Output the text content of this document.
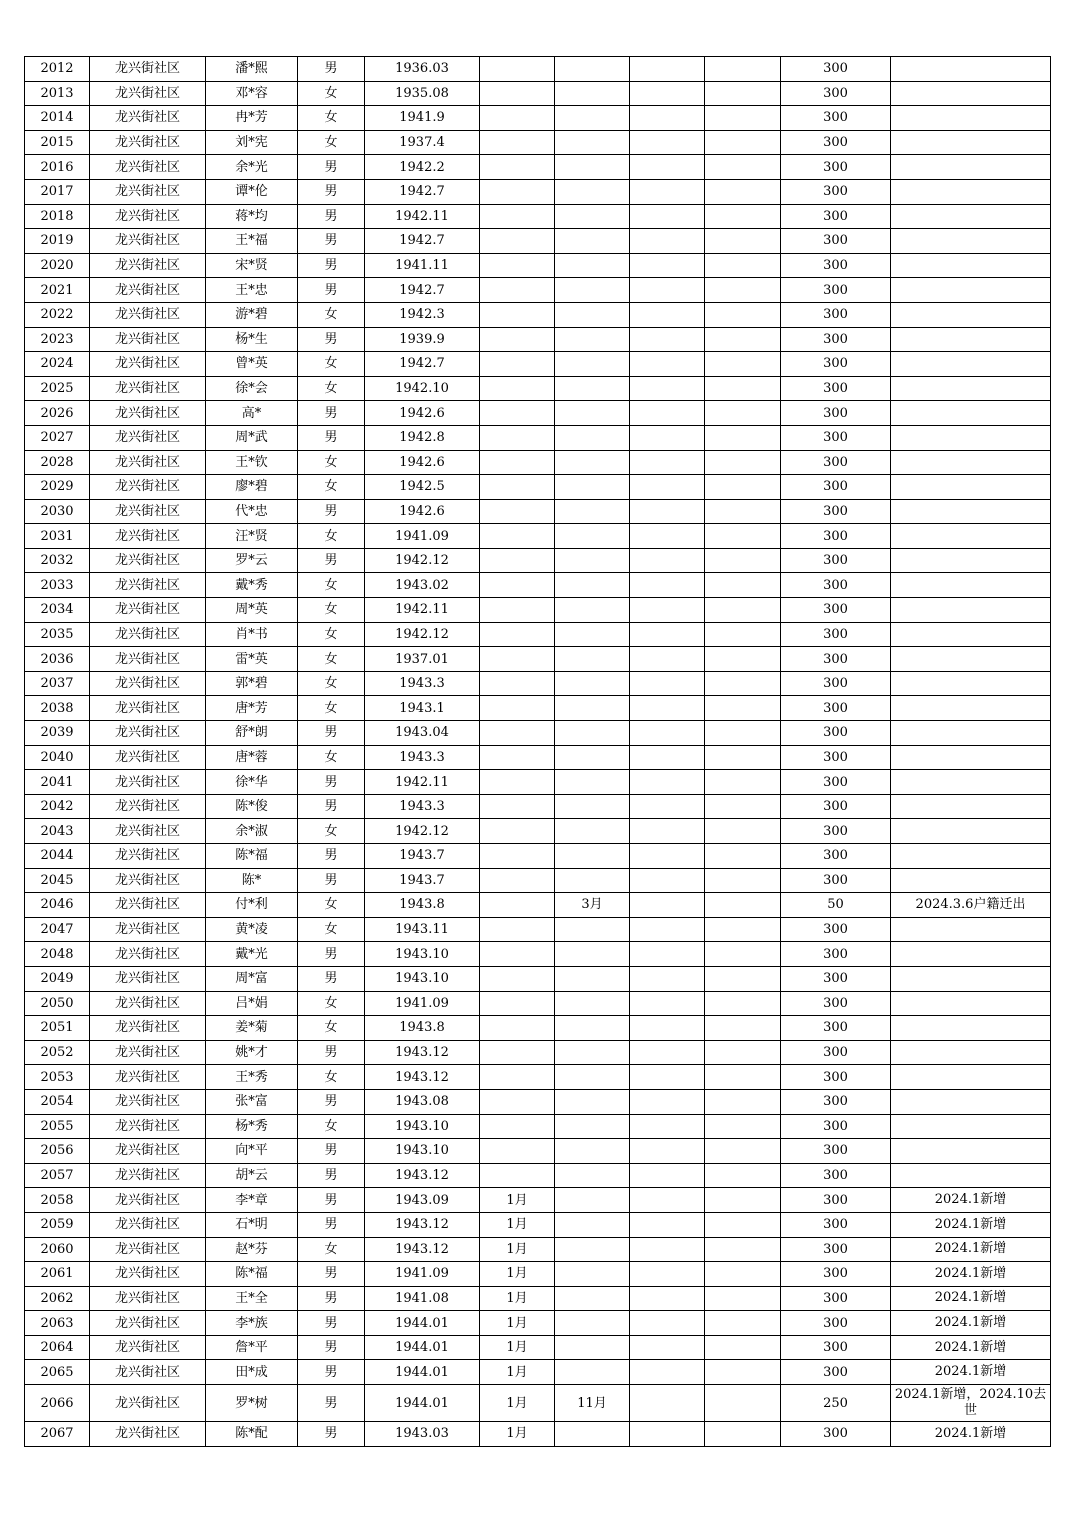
2012	龙兴街社区	潘*熙	男	1936.03					300	
2013	龙兴街社区	邓*容	女	1935.08					300	
2014	龙兴街社区	冉*芳	女	1941.9					300	
2015	龙兴街社区	刘*宪	女	1937.4					300	
2016	龙兴街社区	余*光	男	1942.2					300	
2017	龙兴街社区	谭*伦	男	1942.7					300	
2018	龙兴街社区	蒋*均	男	1942.11					300	
2019	龙兴街社区	王*福	男	1942.7					300	
2020	龙兴街社区	宋*贤	男	1941.11					300	
2021	龙兴街社区	王*忠	男	1942.7					300	
2022	龙兴街社区	游*碧	女	1942.3					300	
2023	龙兴街社区	杨*生	男	1939.9					300	
2024	龙兴街社区	曾*英	女	1942.7					300	
2025	龙兴街社区	徐*会	女	1942.10					300	
2026	龙兴街社区	高*	男	1942.6					300	
2027	龙兴街社区	周*武	男	1942.8					300	
2028	龙兴街社区	王*钦	女	1942.6					300	
2029	龙兴街社区	廖*碧	女	1942.5					300	
2030	龙兴街社区	代*忠	男	1942.6					300	
2031	龙兴街社区	汪*贤	女	1941.09					300	
2032	龙兴街社区	罗*云	男	1942.12					300	
2033	龙兴街社区	戴*秀	女	1943.02					300	
2034	龙兴街社区	周*英	女	1942.11					300	
2035	龙兴街社区	肖*书	女	1942.12					300	
2036	龙兴街社区	雷*英	女	1937.01					300	
2037	龙兴街社区	郭*碧	女	1943.3					300	
2038	龙兴街社区	唐*芳	女	1943.1					300	
2039	龙兴街社区	舒*朗	男	1943.04					300	
2040	龙兴街社区	唐*蓉	女	1943.3					300	
2041	龙兴街社区	徐*华	男	1942.11					300	
2042	龙兴街社区	陈*俊	男	1943.3					300	
2043	龙兴街社区	余*淑	女	1942.12					300	
2044	龙兴街社区	陈*福	男	1943.7					300	
2045	龙兴街社区	陈*	男	1943.7					300	
2046	龙兴街社区	付*利	女	1943.8		3月			50	2024.3.6户籍迁出
2047	龙兴街社区	黄*凌	女	1943.11					300	
2048	龙兴街社区	戴*光	男	1943.10					300	
2049	龙兴街社区	周*富	男	1943.10					300	
2050	龙兴街社区	吕*娟	女	1941.09					300	
2051	龙兴街社区	姜*菊	女	1943.8					300	
2052	龙兴街社区	姚*才	男	1943.12					300	
2053	龙兴街社区	王*秀	女	1943.12					300	
2054	龙兴街社区	张*富	男	1943.08					300	
2055	龙兴街社区	杨*秀	女	1943.10					300	
2056	龙兴街社区	向*平	男	1943.10					300	
2057	龙兴街社区	胡*云	男	1943.12					300	
2058	龙兴街社区	李*章	男	1943.09	1月				300	2024.1新增
2059	龙兴街社区	石*明	男	1943.12	1月				300	2024.1新增
2060	龙兴街社区	赵*芬	女	1943.12	1月				300	2024.1新增
2061	龙兴街社区	陈*福	男	1941.09	1月				300	2024.1新增
2062	龙兴街社区	王*全	男	1941.08	1月				300	2024.1新增
2063	龙兴街社区	李*族	男	1944.01	1月				300	2024.1新增
2064	龙兴街社区	詹*平	男	1944.01	1月				300	2024.1新增
2065	龙兴街社区	田*成	男	1944.01	1月				300	2024.1新增
2066	龙兴街社区	罗*树	男	1944.01	1月	11月			250	2024.1新增，2024.10去世
2067	龙兴街社区	陈*配	男	1943.03	1月				300	2024.1新增
